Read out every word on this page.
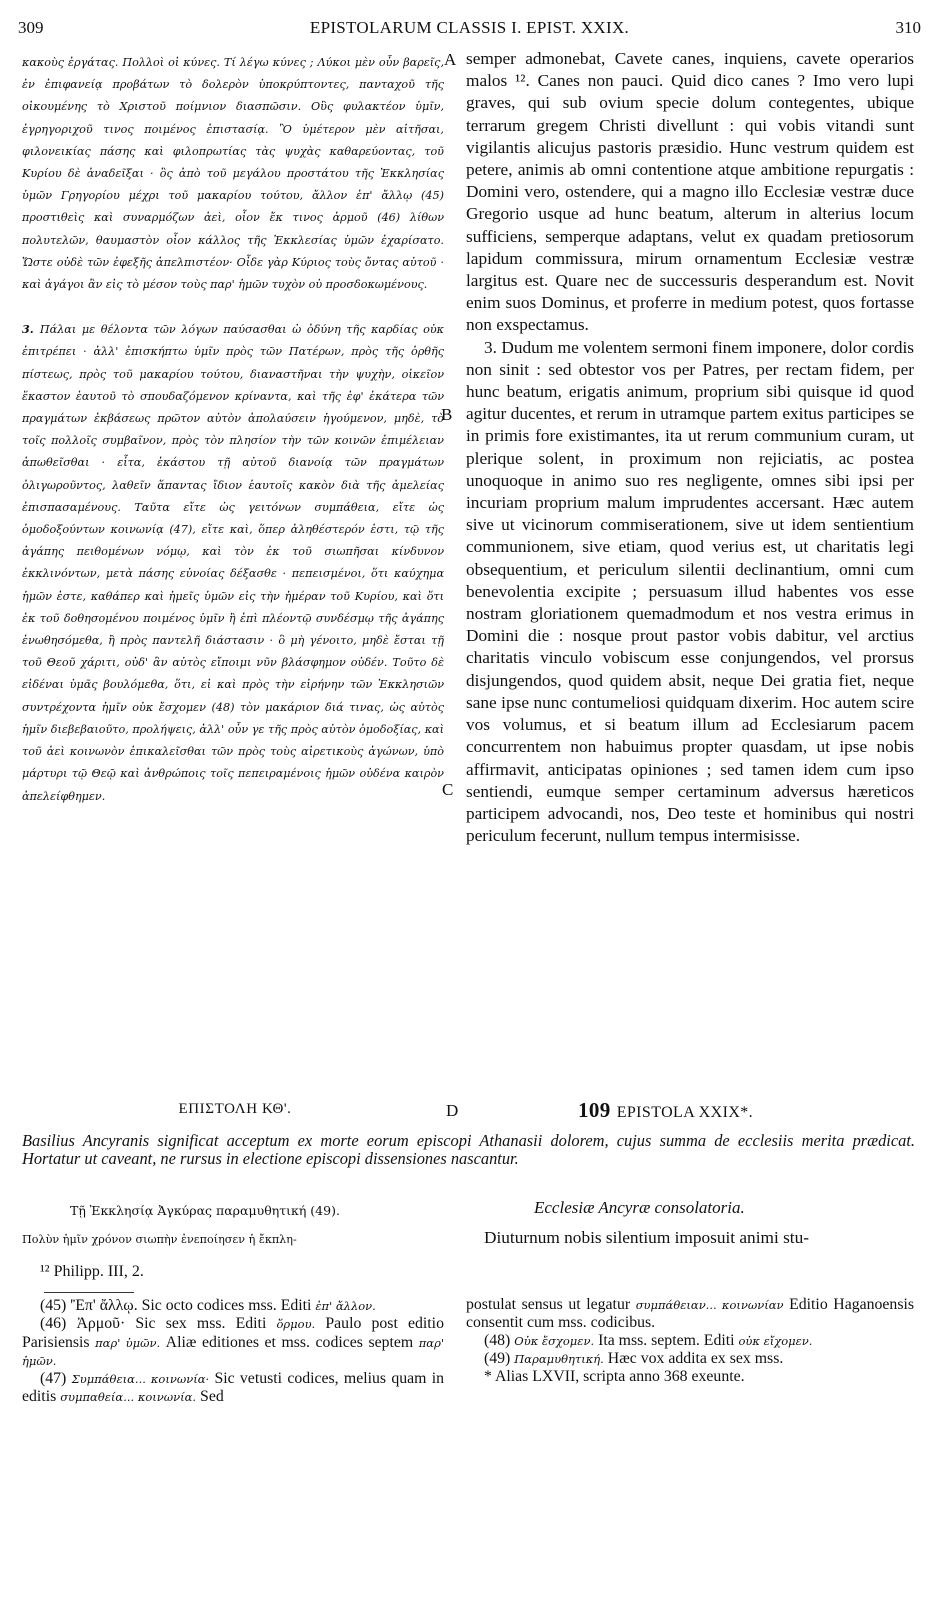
309	EPISTOLARUM CLASSIS I. EPIST. XXIX.	310

κακοὺς ἐργάτας. Πολλοὶ οἱ κύνες. Τί λέγω κύνες ; Λύκοι μὲν οὖν βαρεῖς, ἐν ἐπιφανείᾳ προβάτων τὸ δολερὸν ὑποκρύπτοντες, πανταχοῦ τῆς οἰκουμένης τὸ Χριστοῦ ποίμνιον διασπῶσιν. Οὓς φυλακτέον ὑμῖν, ἐγρηγοριχοῦ τινος ποιμένος ἐπιστασίᾳ. Ὃ ὑμέτερον μὲν αἰτῆσαι, φιλονεικίας πάσης καὶ φιλοπρωτίας τὰς ψυχὰς καθαρεύοντας, τοῦ Κυρίου δὲ ἀναδεῖξαι · ὃς ἀπὸ τοῦ μεγάλου προστάτου τῆς Ἐκκλησίας ὑμῶν Γρηγορίου μέχρι τοῦ μακαρίου τούτου, ἄλλον ἐπ' ἄλλῳ (45) προστιθεὶς καὶ συναρμόζων ἀεὶ, οἷον ἔκ τινος ἁρμοῦ (46) λίθων πολυτελῶν, θαυμαστὸν οἷον κάλλος τῆς Ἐκκλεσίας ὑμῶν ἐχαρίσατο. Ὥστε οὐδὲ τῶν ἐφεξῆς ἀπελπιστέον· Οἶδε γὰρ Κύριος τοὺς ὄντας αὐτοῦ · καὶ ἀγάγοι ἂν εἰς τὸ μέσον τοὺς παρ' ἡμῶν τυχὸν οὐ προσδοκωμένους.

3. Πάλαι με θέλοντα τῶν λόγων παύσασθαι ὠ ὀδύνη τῆς καρδίας οὐκ ἐπιτρέπει · ἀλλ' ἐπισκήπτω ὑμῖν πρὸς τῶν Πατέρων, πρὸς τῆς ὀρθῆς πίστεως, πρὸς τοῦ μακαρίου τούτου, διαναστῆναι τὴν ψυχὴν, οἰκεῖον ἕκαστον ἑαυτοῦ τὸ σπουδαζόμενον κρίναντα, καὶ τῆς ἐφ' ἑκάτερα τῶν πραγμάτων ἐκβάσεως πρῶτον αὐτὸν ἀπολαύσειν ἡγούμενον, μηδὲ, τὸ τοῖς πολλοῖς συμβαῖνον, πρὸς τὸν πλησίον τὴν τῶν κοινῶν ἐπιμέλειαν ἀπωθεῖσθαι · εἶτα, ἑκάστου τῇ αὐτοῦ διανοίᾳ τῶν πραγμάτων ὀλιγωροῦντος, λαθεῖν ἅπαντας ἴδιον ἑαυτοῖς κακὸν διὰ τῆς ἀμελείας ἐπισπασαμένους. Ταῦτα εἴτε ὡς γειτόνων συμπάθεια, εἴτε ὡς ὁμοδοξούντων κοινωνίᾳ (47), εἴτε καὶ, ὅπερ ἀληθέστερόν ἐστι, τῷ τῆς ἀγάπης πειθομένων νόμῳ, καὶ τὸν ἐκ τοῦ σιωπῆσαι κίνδυνον ἐκκλινόντων, μετὰ πάσης εὐνοίας δέξασθε · πεπεισμένοι, ὅτι καύχημα ἡμῶν ἐστε, καθάπερ καὶ ἡμεῖς ὑμῶν εἰς τὴν ἡμέραν τοῦ Κυρίου, καὶ ὅτι ἐκ τοῦ δοθησομένου ποιμένος ὑμῖν ἢ ἐπὶ πλέοντῷ συνδέσμῳ τῆς ἀγάπης ἑνωθησόμεθα, ἢ πρὸς παντελῆ διάστασιν · ὃ μὴ γένοιτο, μηδὲ ἔσται τῇ τοῦ Θεοῦ χάριτι, οὐδ' ἂν αὐτὸς εἴποιμι νῦν βλάσφημον οὐδέν. Τοῦτο δὲ εἰδέναι ὑμᾶς βουλόμεθα, ὅτι, εἰ καὶ πρὸς τὴν εἰρήνην τῶν Ἐκκλησιῶν συντρέχοντα ἡμῖν οὐκ ἔσχομεν (48) τὸν μακάριον διά τινας, ὡς αὐτὸς ἡμῖν διεβεβαιοῦτο, προλήψεις, ἀλλ' οὖν γε τῆς πρὸς αὐτὸν ὁμοδοξίας, καὶ τοῦ ἀεὶ κοινωνὸν ἐπικαλεῖσθαι τῶν πρὸς τοὺς αἱρετικοὺς ἀγώνων, ὑπὸ μάρτυρι τῷ Θεῷ καὶ ἀνθρώποις τοῖς πεπειραμένοις ἡμῶν οὐδένα καιρὸν ἀπελείφθημεν.

semper admonebat, Cavete canes, inquiens, cavete operarios malos ¹². Canes non pauci. Quid dico canes ? Imo vero lupi graves, qui sub ovium specie dolum contegentes, ubique terrarum gregem Christi divellunt : qui vobis vitandi sunt vigilantis alicujus pastoris præsidio. Hunc vestrum quidem est petere, animis ab omni contentione atque ambitione repurgatis : Domini vero, ostendere, qui a magno illo Ecclesiæ vestræ duce Gregorio usque ad hunc beatum, alterum in alterius locum sufficiens, semperque adaptans, velut ex quadam pretiosorum lapidum commissura, mirum ornamentum Ecclesiæ vestræ largitus est. Quare nec de successuris desperandum est. Novit enim suos Dominus, et proferre in medium potest, quos fortasse non exspectamus.

3. Dudum me volentem sermoni finem imponere, dolor cordis non sinit : sed obtestor vos per Patres, per rectam fidem, per hunc beatum, erigatis animum, proprium sibi quisque id quod agitur ducentes, et rerum in utramque partem exitus participes se in primis fore existimantes, ita ut rerum communium curam, ut plerique solent, in proximum non rejiciatis, ac postea unoquoque in animo suo res negligente, omnes sibi ipsi per incuriam proprium malum imprudentes accersant. Hæc autem sive ut vicinorum commiserationem, sive ut idem sentientium communionem, sive etiam, quod verius est, ut charitatis legi obsequentium, et periculum silentii declinantium, omni cum benevolentia excipite ; persuasum illud habentes vos esse nostram gloriationem quemadmodum et nos vestra erimus in Domini die : nosque prout pastor vobis dabitur, vel arctius charitatis vinculo vobiscum esse conjungendos, vel prorsus disjungendos, quod quidem absit, neque Dei gratia fiet, neque sane ipse nunc contumeliosi quidquam dixerim. Hoc autem scire vos volumus, et si beatum illum ad Ecclesiarum pacem concurrentem non habuimus propter quasdam, ut ipse nobis affirmavit, anticipatas opiniones ; sed tamen idem cum ipso sentiendi, eumque semper certaminum adversus hæreticos participem advocandi, nos, Deo teste et hominibus qui nostri periculum fecerunt, nullum tempus intermisisse.

A
B
C
ΕΠΙΣΤΟΛΗ ΚΘ'.	D	109 EPISTOLA XXIX*.
Basilius Ancyranis significat acceptum ex morte eorum episcopi Athanasii dolorem, cujus summa de ecclesiis merita prædicat. Hortatur ut caveant, ne rursus in electione episcopi dissensiones nascantur.
Τῇ Ἐκκλησίᾳ Ἀγκύρας παραμυθητική (49).	Ecclesiæ Ancyræ consolatoria.
Πολὺν ἡμῖν χρόνον σιωπὴν ἐνεποίησεν ἡ ἔκπλη-	Diuturnum nobis silentium imposuit animi stu-
¹² Philipp. III, 2.

(45) 'Ἐπ' ἄλλῳ. Sic octo codices mss. Editi ἐπ' ἄλλον.

(46) Ἀρμοῦ· Sic sex mss. Editi ὅρμου. Paulo post editio Parisiensis παρ' ὑμῶν. Aliæ editiones et mss. codices septem παρ' ἡμῶν.

(47) Συμπάθεια... κοινωνία· Sic vetusti codices, melius quam in editis συμπαθεία... κοινωνία. Sed

postulat sensus ut legatur συμπάθειαν... κοινωνίαν Editio Haganoensis consentit cum mss. codicibus.

(48) Οὐκ ἔσχομεν. Ita mss. septem. Editi οὐκ εἴχομεν.

(49) Παραμυθητική. Hæc vox addita ex sex mss.

* Alias LXVII, scripta anno 368 exeunte.
